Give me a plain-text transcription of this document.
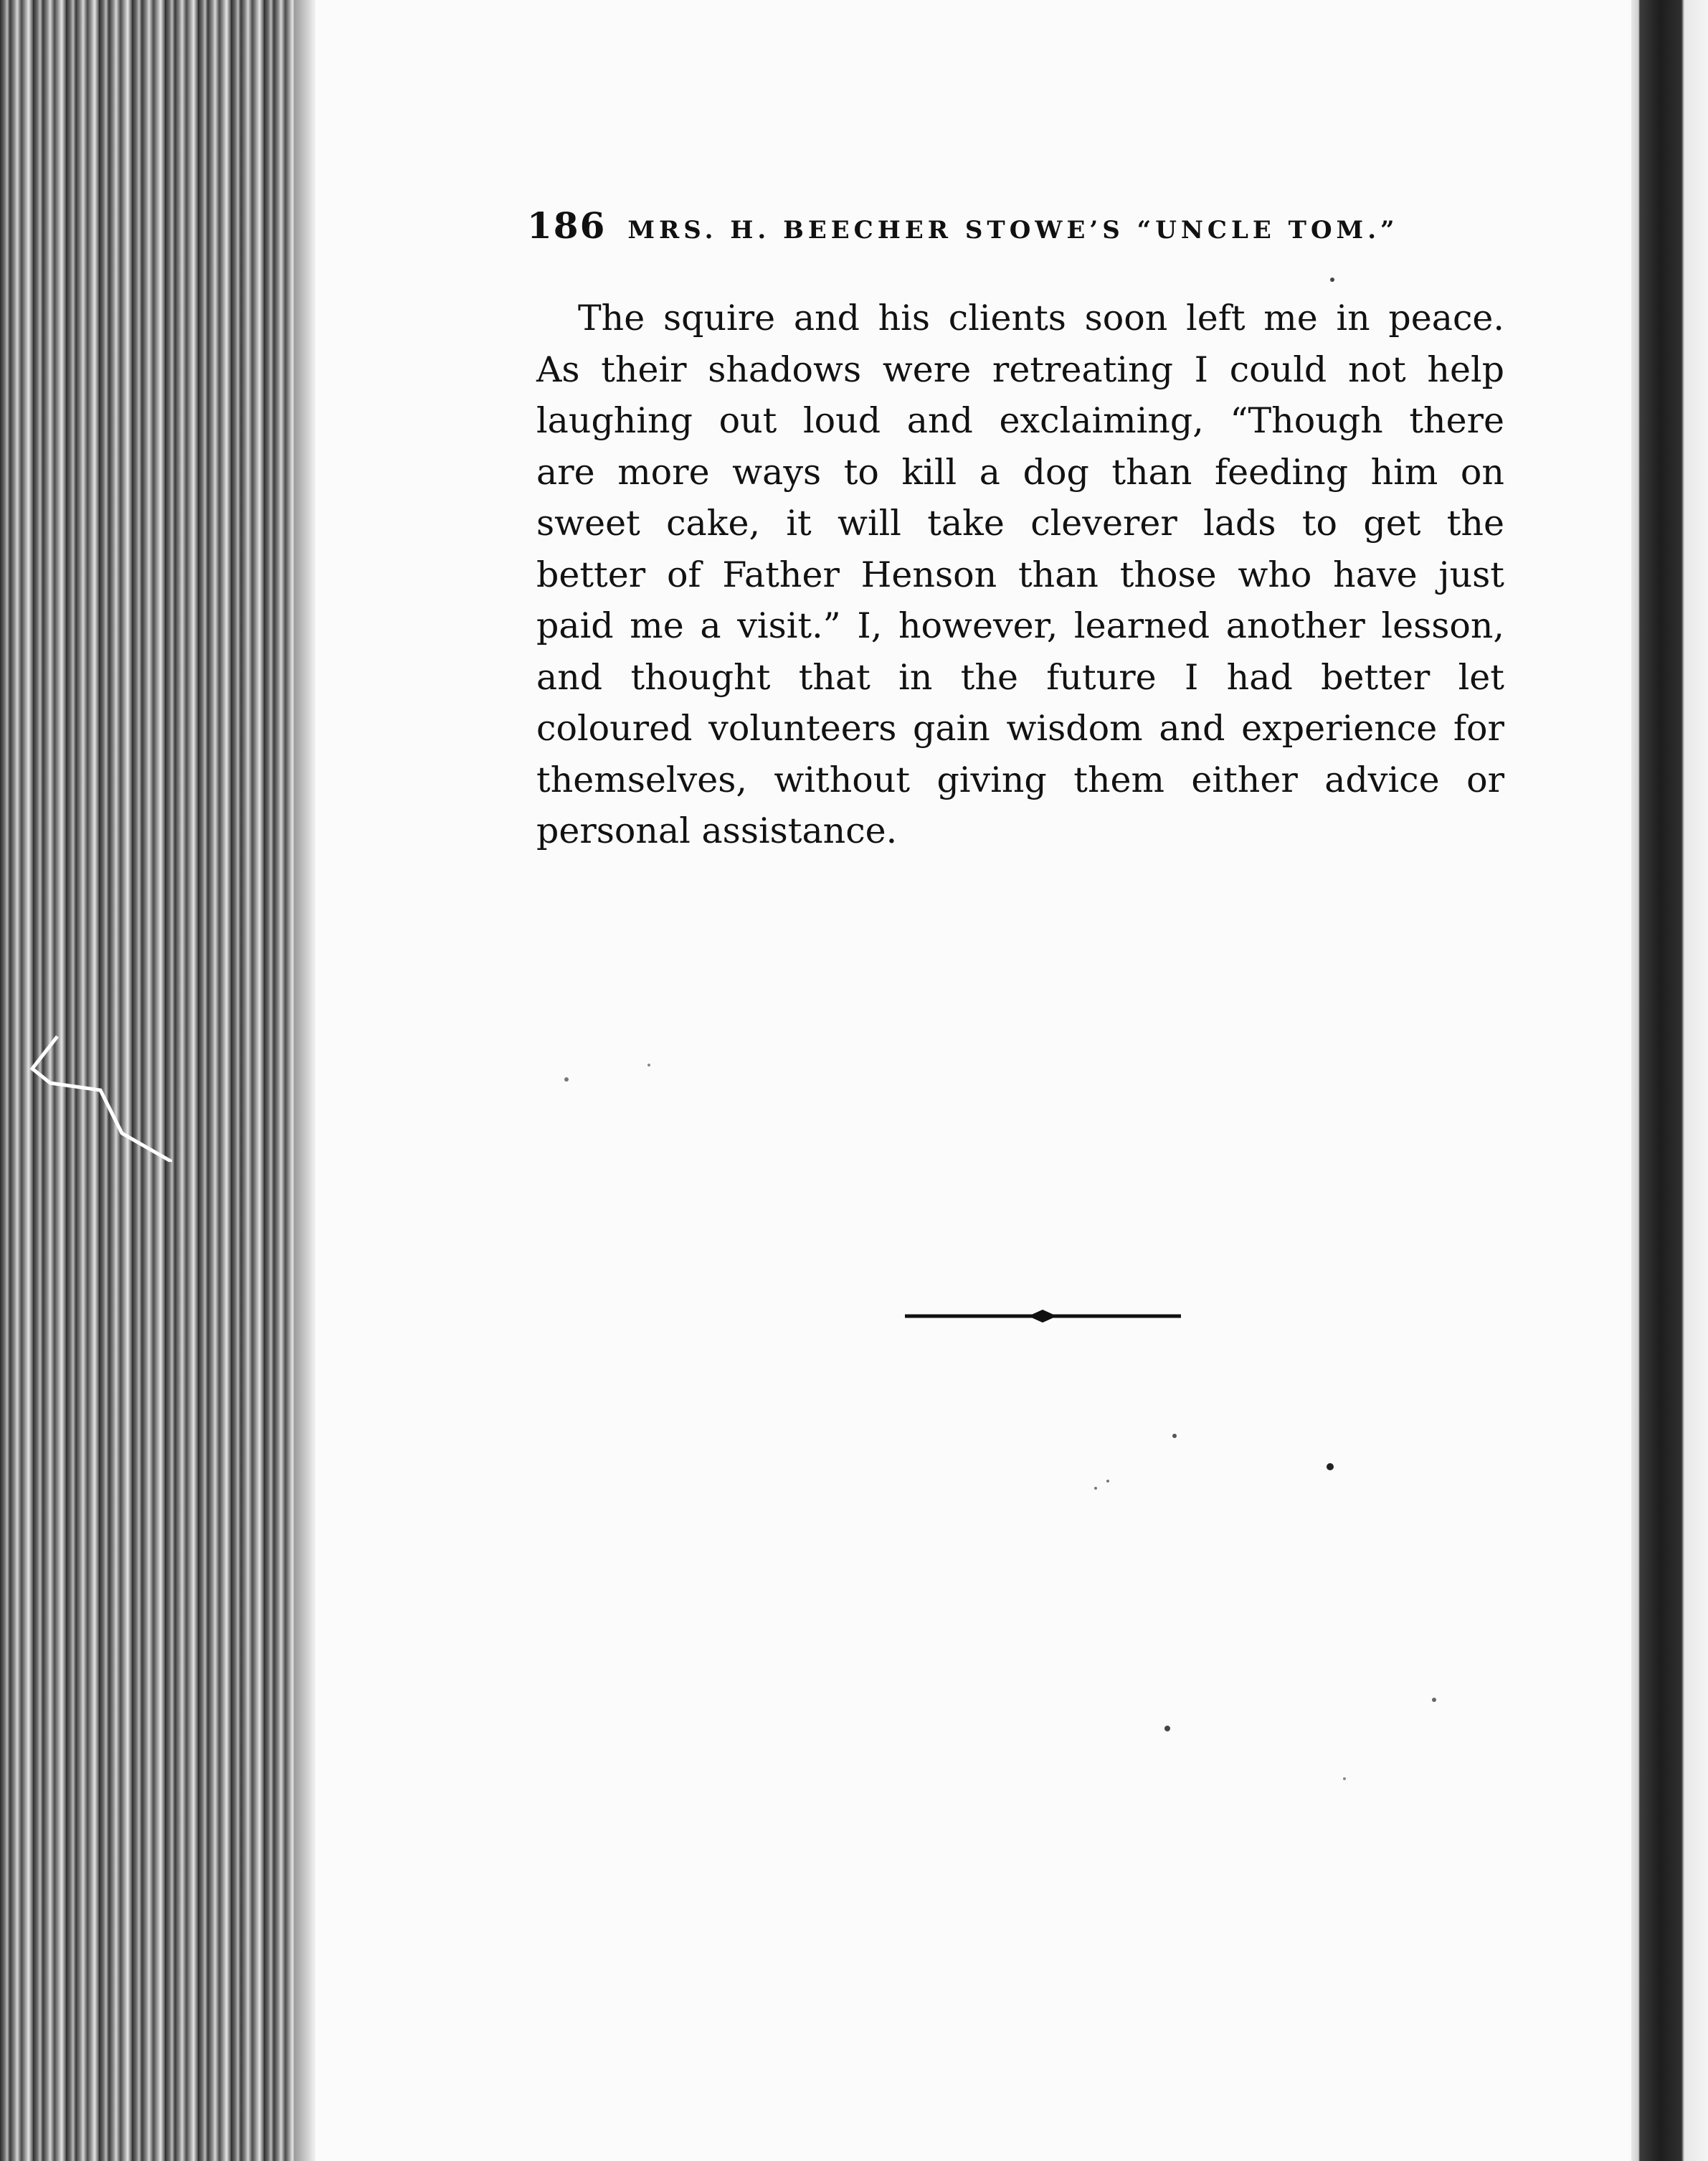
186 MRS. H. BEECHER STOWE’S “UNCLE TOM.”
The squire and his clients soon left me in peace.
As their shadows were retreating I could not help
laughing out loud and exclaiming, “Though there
are more ways to kill a dog than feeding him on
sweet cake, it will take cleverer lads to get the
better of Father Henson than those who have just
paid me a visit.” I, however, learned another lesson,
and thought that in the future I had better let
coloured volunteers gain wisdom and experience for
themselves, without giving them either advice or
personal assistance.
